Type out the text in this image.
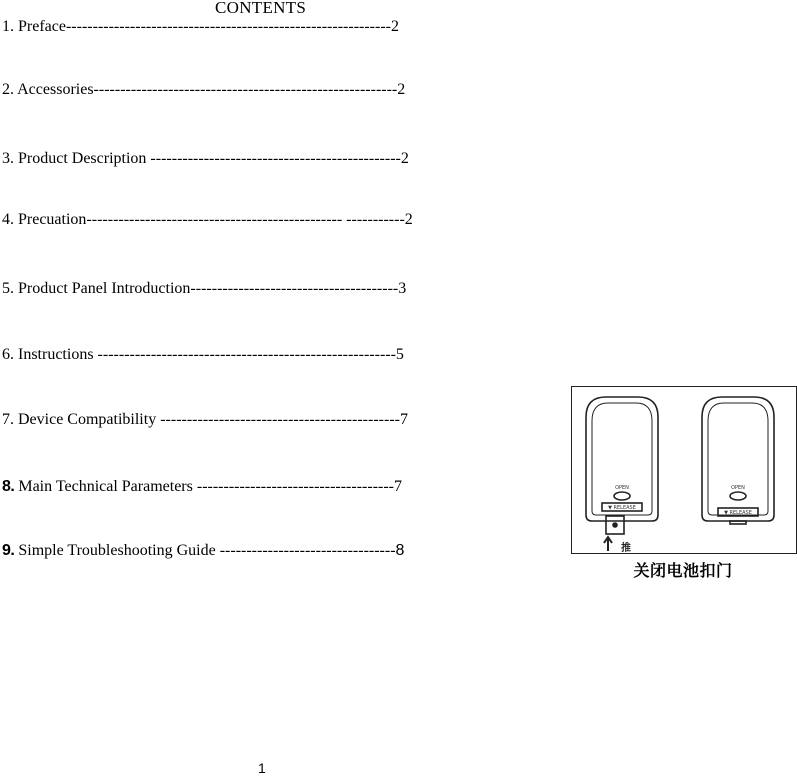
CONTENTS
1. Preface-------------------------------------------------------------2
2. Accessories---------------------------------------------------------2
3. Product Description -----------------------------------------------2
4. Precuation------------------------------------------------ -----------2
5. Product Panel Introduction---------------------------------------3
6. Instructions --------------------------------------------------------5
7. Device Compatibility ---------------------------------------------7
8. Main Technical Parameters -------------------------------------7
9. Simple Troubleshooting Guide ---------------------------------8
OPEN
▼ RELEASE
OPEN
▼ RELEASE
推
关闭电池扣门
1
